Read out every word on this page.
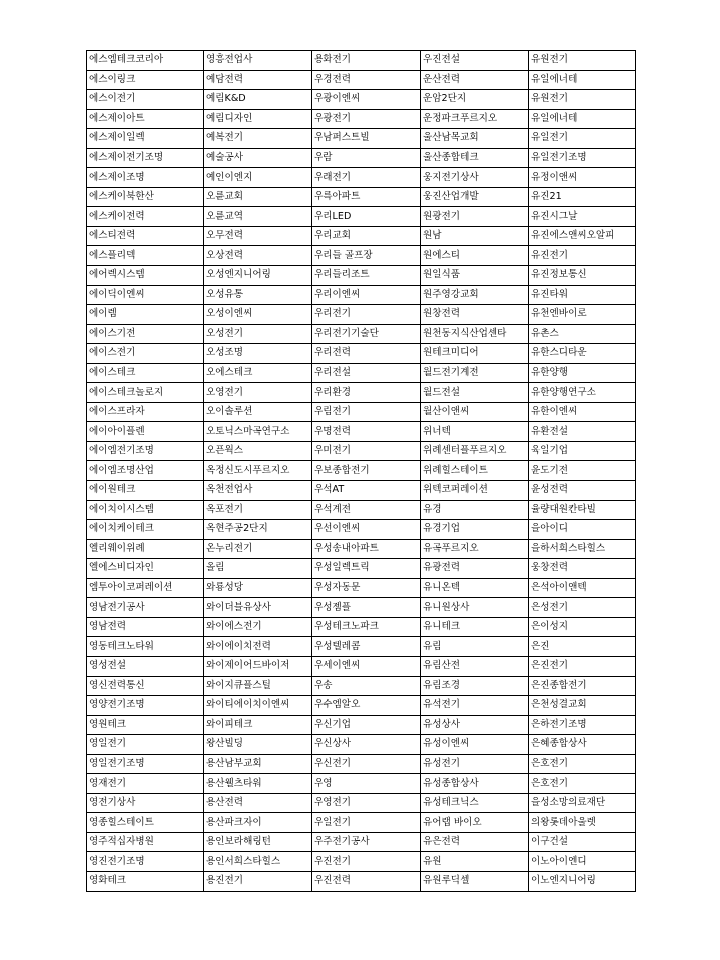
에스엠테크코리아	영흥전업사	용화전기	우진전설	유원전기
에스이링크	예담전력	우경전력	운산전력	유일에너테
에스이전기	예림K&D	우광이엔씨	운암2단지	유원전기
에스제이아트	예림디자인	우광전기	운정파크푸르지오	유일에너테
에스제이일렉	예복전기	우남퍼스트빌	울산남목교회	유일전기
에스제이전기조명	예술공사	우람	울산종합테크	유일전기조명
에스제이조명	예인이엔지	우래전기	웅지전기상사	유정이앤씨
에스케이북한산	오륜교회	우륵아파트	웅진산업개발	유진21
에스케이전력	오륜교역	우리LED	원광전기	유진시그날
에스티전력	오무전력	우리교회	원남	유진에스앤씨오알피
에스플리덱	오상전력	우리들 골프장	원에스티	유진전기
에어렉시스템	오성엔지니어링	우리들리조트	원일식품	유진정보통신
에이딕이엔씨	오성유통	우리이엔씨	원주영강교회	유진타워
에이렘	오성이엔씨	우리전기	원창전력	유천엔바이로
에이스기전	오성전기	우리전기기술단	원천동지식산업센타	유촌스
에이스전기	오성조명	우리전력	원테크미디어	유한스디타운
에이스테크	오에스테크	우리전설	월드전기계전	유한양행
에이스테크놀로지	오영전기	우리환경	월드전설	유한양행연구소
에이스프라자	오이솔루션	우림전기	월산이앤씨	유한이엔씨
에이아이플렌	오토닉스마곡연구소	우명전력	위너텍	유환전설
에이엠전기조명	오픈웍스	우미전기	위례센터플푸르지오	육일기업
에이엠조명산업	옥정신도시푸르지오	우보종합전기	위례힐스테이트	윤도기전
에이원테크	옥천전업사	우석AT	위텍코퍼레이션	윤성전력
에이치이시스템	옥포전기	우석계전	유경	율량대원칸타빌
에이치케이테크	옥현주공2단지	우선이엔씨	유경기업	을아이디
엘리웨이위례	온누리전기	우성송내아파트	유곡푸르지오	을하서희스타힐스
엘에스비디자인	올림	우성일렉트릭	유광전력	웅창전력
엠투아이코퍼레이션	와룡성당	우성자동문	유니온텍	은석아이앤텍
영남전기공사	와이더블유상사	우성젬플	유니원상사	은성전기
영남전력	와이에스전기	우성테크노파크	유니테크	은이성지
영동테크노타워	와이에이치전력	우성텔레콤	유림	은진
영성전설	와이제이어드바이저	우세이엔씨	유림산전	은진전기
영신전력통신	와이지큐플스틸	우송	유림조경	은진종합전기
영양전기조명	와이티에이치이엔씨	우수엠알오	유석전기	은천성결교회
영원테크	와이피테크	우신기업	유성상사	은하전기조명
영일전기	왕산빌딩	우신상사	유성이엔씨	은혜종합상사
영일전기조명	용산남부교회	우신전기	유성전기	은호전기
영재전기	용산웰츠타워	우영	유성종합상사	은호전기
영전기상사	용산전력	우영전기	유성테크닉스	을성소망의료재단
영종힐스테이트	용산파크자이	우일전기	유어랩 바이오	의왕롯데아울렛
영주적십자병원	용인보라해링턴	우주전기공사	유은전력	이구건설
영진전기조명	용인서희스타힐스	우진전기	유원	이노아이엔디
영화테크	용진전기	우진전력	유원루딕셀	이노엔지니어링
